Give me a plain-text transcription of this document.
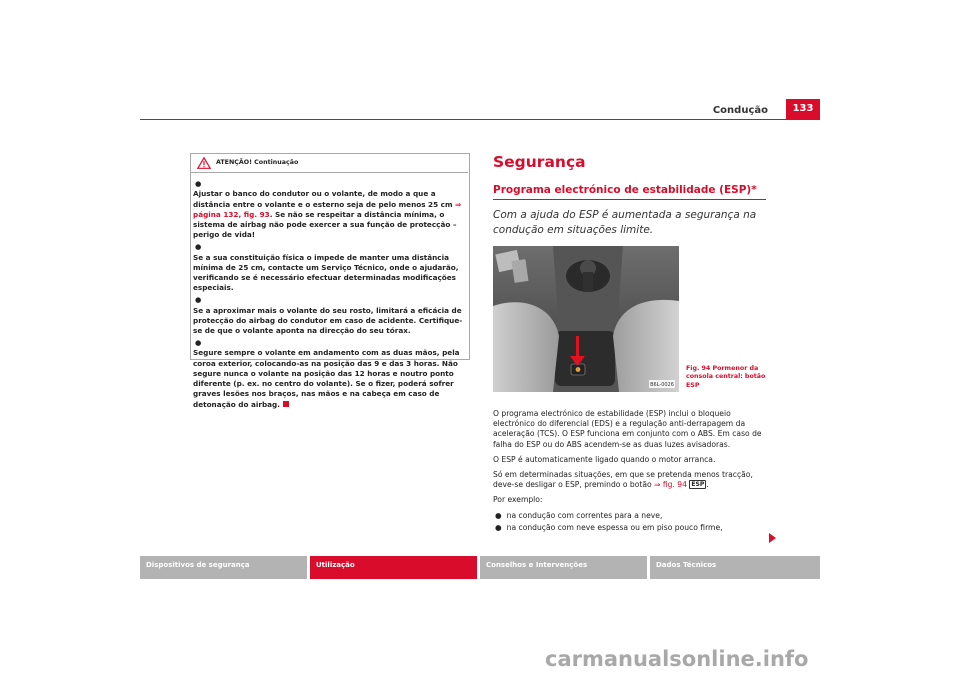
Condução	133
ATENÇÃO! Continuação

●
Ajustar o banco do condutor ou o volante, de modo a que a distância entre o volante e o esterno seja de pelo menos 25 cm ⇒ página 132, fig. 93. Se não se respeitar a distância mínima, o sistema de airbag não pode exercer a sua função de protecção – perigo de vida!

●
Se a sua constituição física o impede de manter uma distância mínima de 25 cm, contacte um Serviço Técnico, onde o ajudarão, verificando se é necessário efectuar determinadas modificações especiais.

●
Se a aproximar mais o volante do seu rosto, limitará a eficácia de protecção do airbag do condutor em caso de acidente. Certifique-se de que o volante aponta na direcção do seu tórax.

●
Segure sempre o volante em andamento com as duas mãos, pela coroa exterior, colocando-as na posição das 9 e das 3 horas. Não segure nunca o volante na posição das 12 horas e noutro ponto diferente (p. ex. no centro do volante). Se o fizer, poderá sofrer graves lesões nos braços, nas mãos e na cabeça em caso de detonação do airbag.

Segurança
Programa electrónico de estabilidade (ESP)*
Com a ajuda do ESP é aumentada a segurança na condução em situações limite.
B6L-0026
Fig. 94 Pormenor da consola central: botão ESP

O programa electrónico de estabilidade (ESP) inclui o bloqueio electrónico do diferencial (EDS) e a regulação anti-derrapagem da aceleração (TCS). O ESP funciona em conjunto com o ABS. Em caso de falha do ESP ou do ABS acendem-se as duas luzes avisadoras.

O ESP é automaticamente ligado quando o motor arranca.

Só em determinadas situações, em que se pretenda menos tracção, deve-se desligar o ESP, premindo o botão ⇒ fig. 94 ESP .

Por exemplo:

● na condução com correntes para a neve,
● na condução com neve espessa ou em piso pouco firme,
Dispositivos de segurança	Utilização	Conselhos e Intervenções	Dados Técnicos
carmanualsonline.info
